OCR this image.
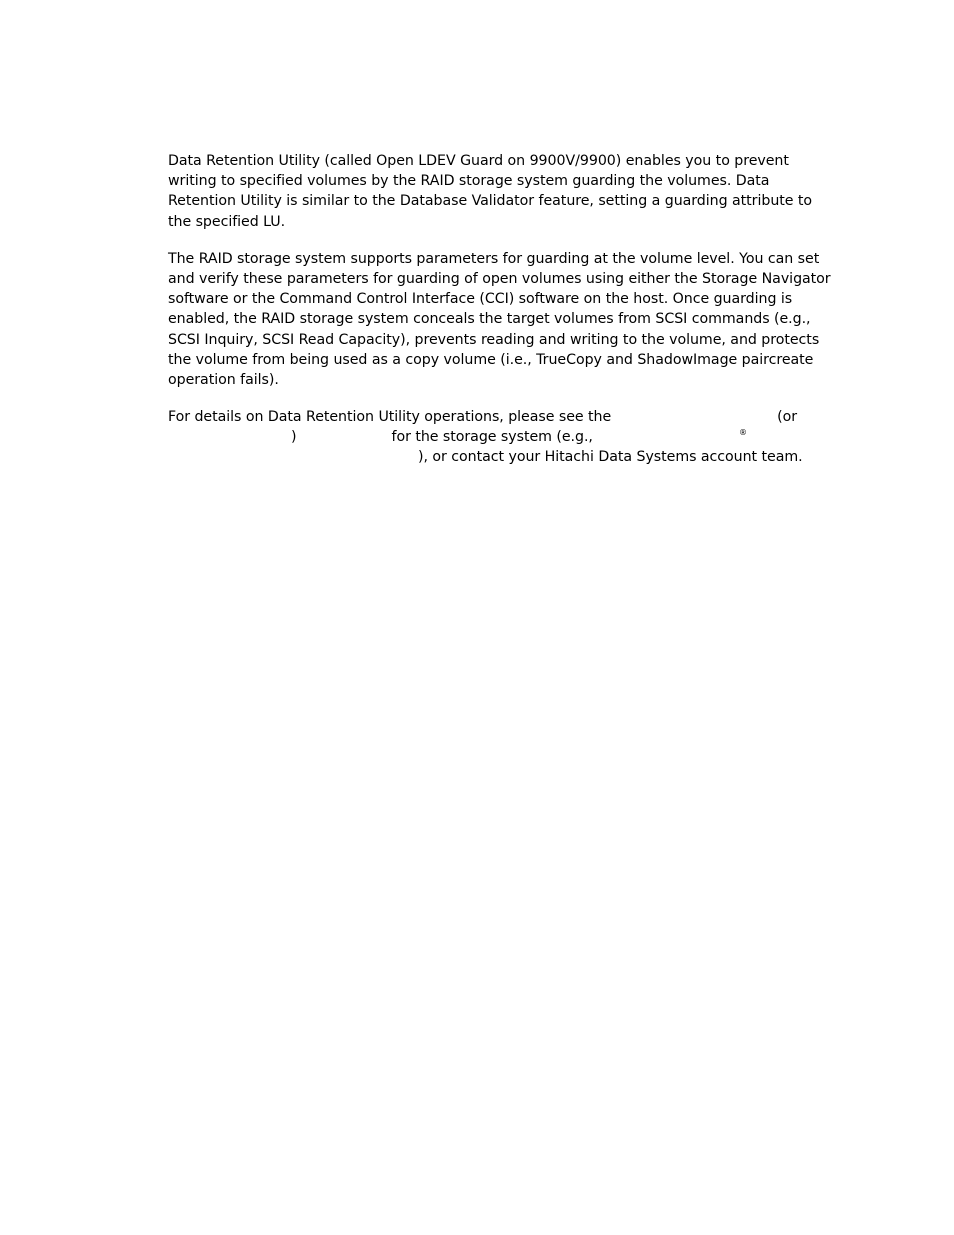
Data Retention Utility (called Open LDEV Guard on 9900V/9900) enables you to prevent
writing to specified volumes by the RAID storage system guarding the volumes. Data
Retention Utility is similar to the Database Validator feature, setting a guarding attribute to
the specified LU.

The RAID storage system supports parameters for guarding at the volume level. You can set
and verify these parameters for guarding of open volumes using either the Storage Navigator
software or the Command Control Interface (CCI) software on the host. Once guarding is
enabled, the RAID storage system conceals the target volumes from SCSI commands (e.g.,
SCSI Inquiry, SCSI Read Capacity), prevents reading and writing to the volume, and protects
the volume from being used as a copy volume (i.e., TrueCopy and ShadowImage paircreate
operation fails).

For details on Data Retention Utility operations, please see the	(or
)	for the storage system (e.g.,	®
), or contact your Hitachi Data Systems account team.
